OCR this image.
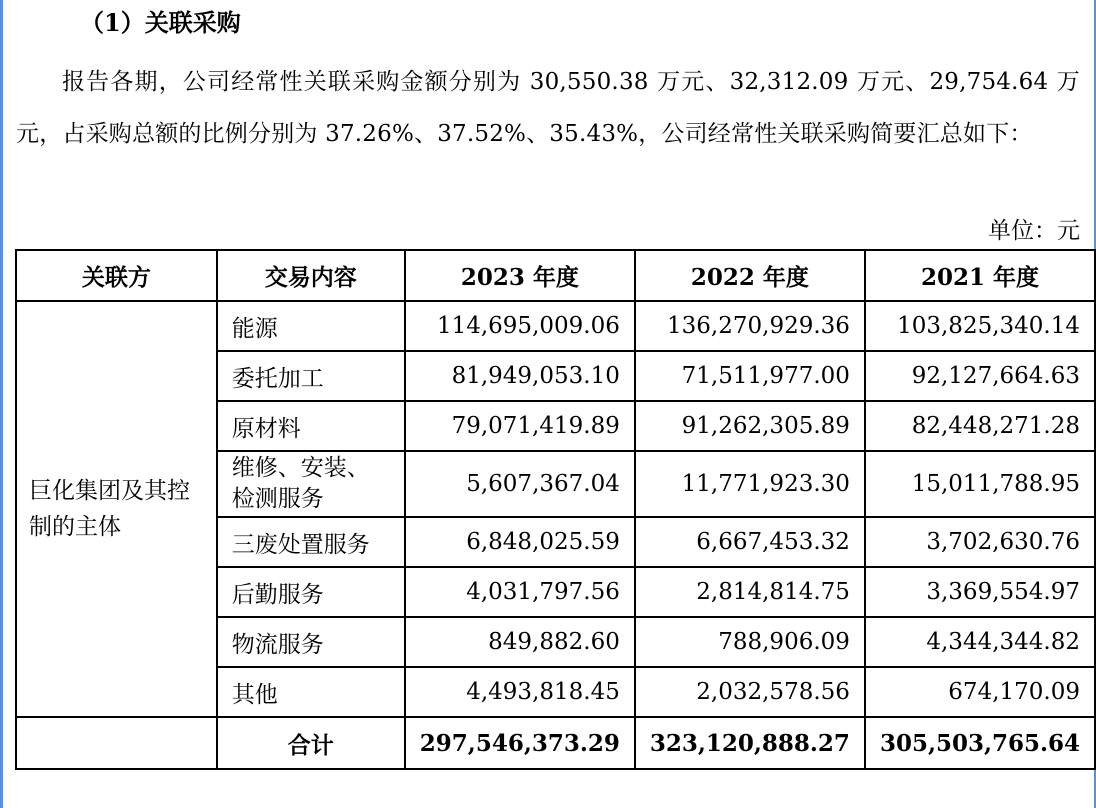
（1）关联采购
报告各期，公司经常性关联采购金额分别为 30,550.38 万元、32,312.09 万元、29,754.64 万元，占采购总额的比例分别为 37.26%、37.52%、35.43%，公司经常性关联采购简要汇总如下：
单位：元
关联方	交易内容	2023 年度	2022 年度	2021 年度
巨化集团及其控制的主体	能源	114,695,009.06	136,270,929.36	103,825,340.14
	委托加工	81,949,053.10	71,511,977.00	92,127,664.63
	原材料	79,071,419.89	91,262,305.89	82,448,271.28
	维修、安装、检测服务	5,607,367.04	11,771,923.30	15,011,788.95
	三废处置服务	6,848,025.59	6,667,453.32	3,702,630.76
	后勤服务	4,031,797.56	2,814,814.75	3,369,554.97
	物流服务	849,882.60	788,906.09	4,344,344.82
	其他	4,493,818.45	2,032,578.56	674,170.09
	合计	297,546,373.29	323,120,888.27	305,503,765.64
